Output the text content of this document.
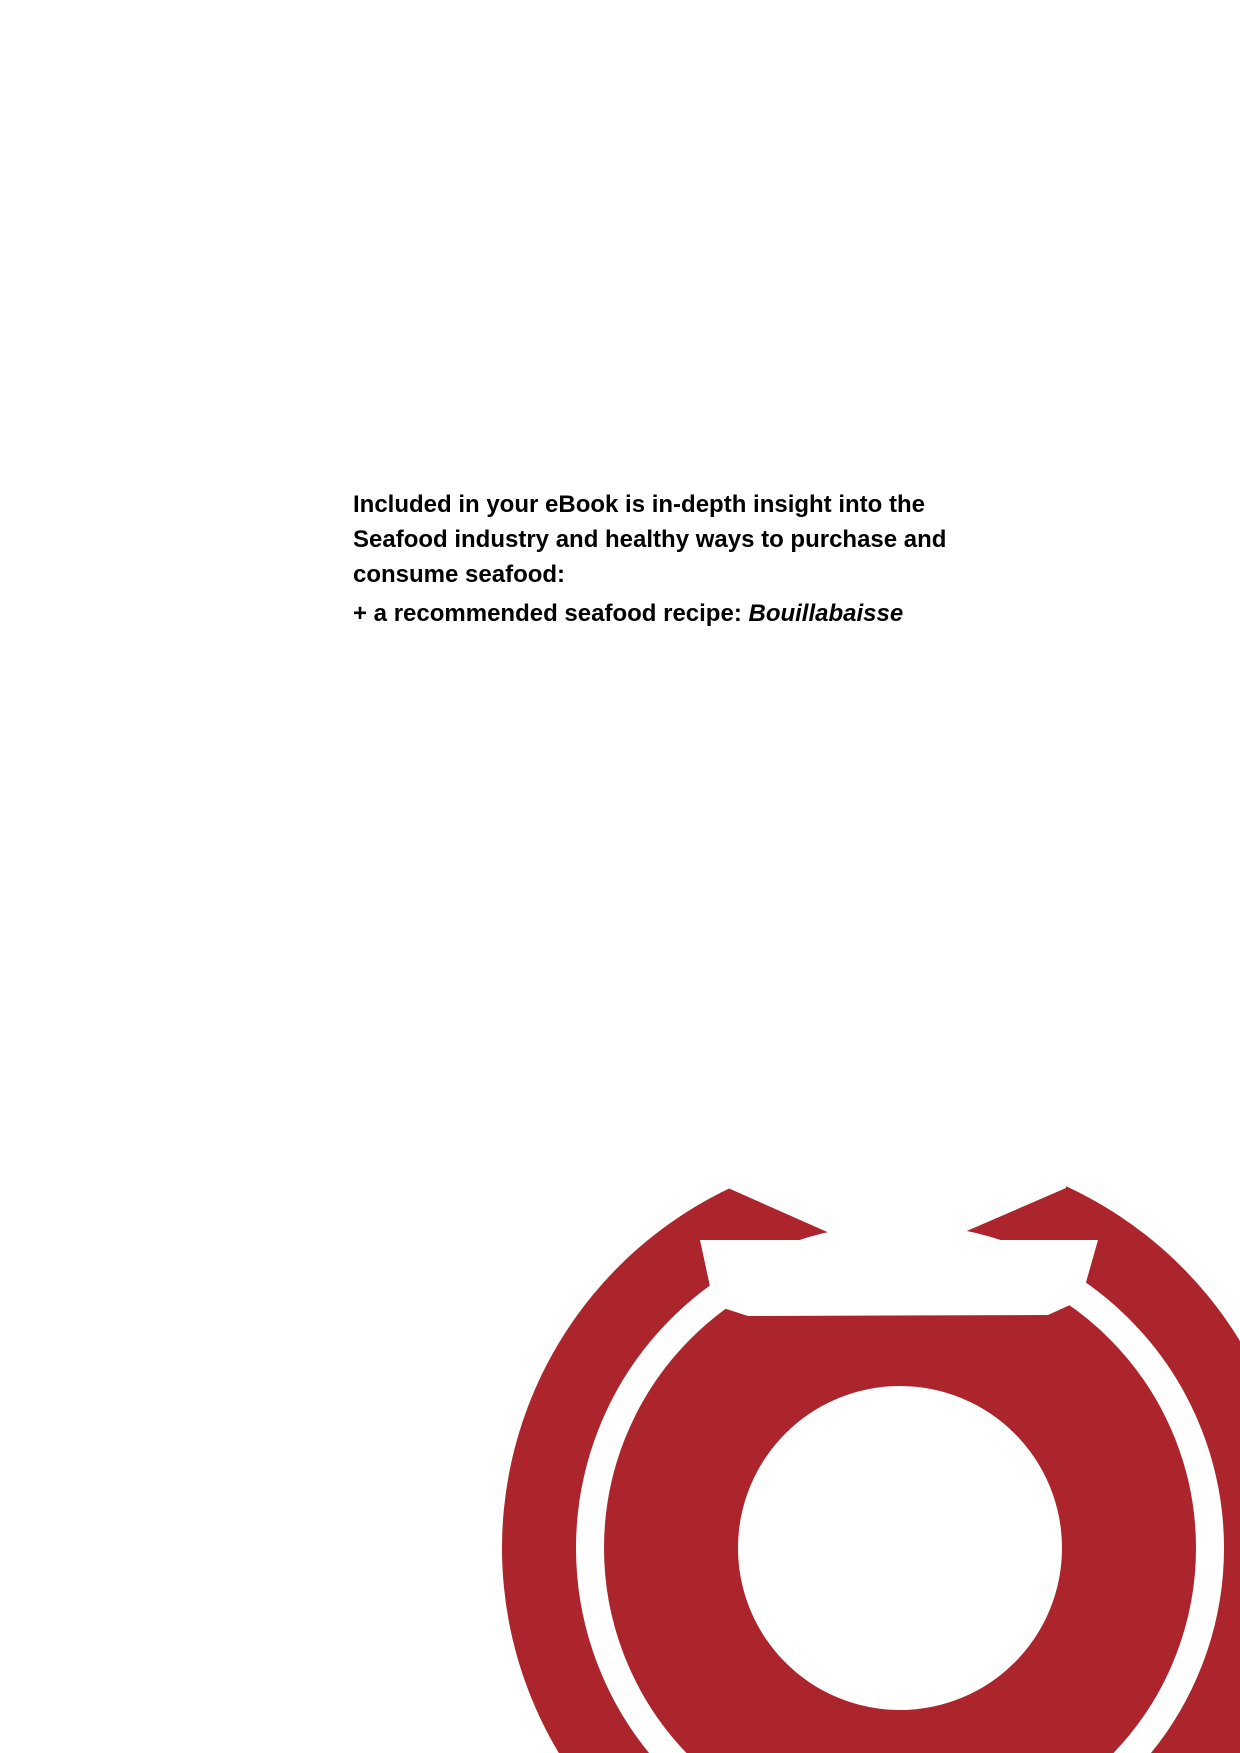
Included in your eBook is in-depth insight into the

Seafood industry and healthy ways to purchase and

consume seafood:

+ a recommended seafood recipe: Bouillabaisse
